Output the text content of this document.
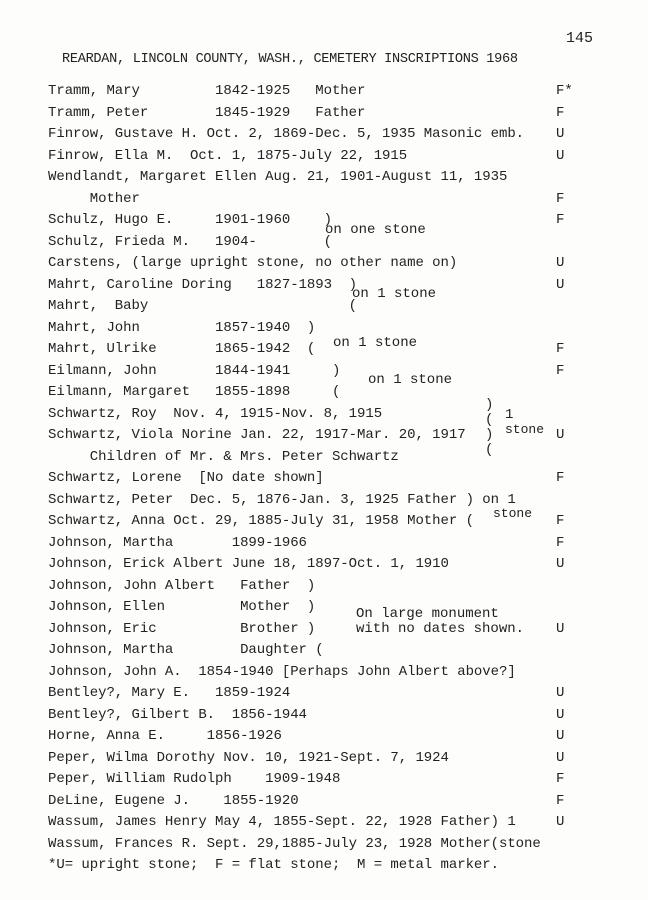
145
REARDAN, LINCOLN COUNTY, WASH., CEMETERY INSCRIPTIONS 1968
Tramm, Mary         1842-1925   Mother	F*
Tramm, Peter        1845-1929   Father	F
Finrow, Gustave H. Oct. 2, 1869-Dec. 5, 1935 Masonic emb. U
Finrow, Ella M.  Oct. 1, 1875-July 22, 1915	U
Wendlandt, Margaret Ellen Aug. 21, 1901-August 11, 1935
Mother	F
Schulz, Hugo E.     1901-1960    )	F
Schulz, Frieda M.   1904-        (
Carstens, (large upright stone, no other name on)	U
Mahrt, Caroline Doring   1827-1893  )	U
Mahrt,  Baby                        (
Mahrt, John         1857-1940  )
Mahrt, Ulrike       1865-1942  (	F
Eilmann, John       1844-1941     )	F
Eilmann, Margaret   1855-1898     (
Schwartz, Roy  Nov. 4, 1915-Nov. 8, 1915
Schwartz, Viola Norine Jan. 22, 1917-Mar. 20, 1917	U
Children of Mr. & Mrs. Peter Schwartz
Schwartz, Lorene  [No date shown]	F
Schwartz, Peter  Dec. 5, 1876-Jan. 3, 1925 Father ) on 1
Schwartz, Anna Oct. 29, 1885-July 31, 1958 Mother (	F
Johnson, Martha       1899-1966	F
Johnson, Erick Albert June 18, 1897-Oct. 1, 1910	U
Johnson, John Albert   Father  )
Johnson, Ellen         Mother  )
Johnson, Eric          Brother )	U
Johnson, Martha        Daughter (
Johnson, John A.  1854-1940 [Perhaps John Albert above?]
Bentley?, Mary E.   1859-1924	U
Bentley?, Gilbert B.  1856-1944	U
Horne, Anna E.     1856-1926	U
Peper, Wilma Dorothy Nov. 10, 1921-Sept. 7, 1924	U
Peper, William Rudolph    1909-1948	F
DeLine, Eugene J.    1855-1920	F
Wassum, James Henry May 4, 1855-Sept. 22, 1928 Father) 1	U
Wassum, Frances R. Sept. 29,1885-July 23, 1928 Mother(stone
*U= upright stone;  F = flat stone;  M = metal marker.
on one stone
on 1 stone
on 1 stone
on 1 stone
)
(
)
(
1
stone
stone
On large monument
with no dates shown.
